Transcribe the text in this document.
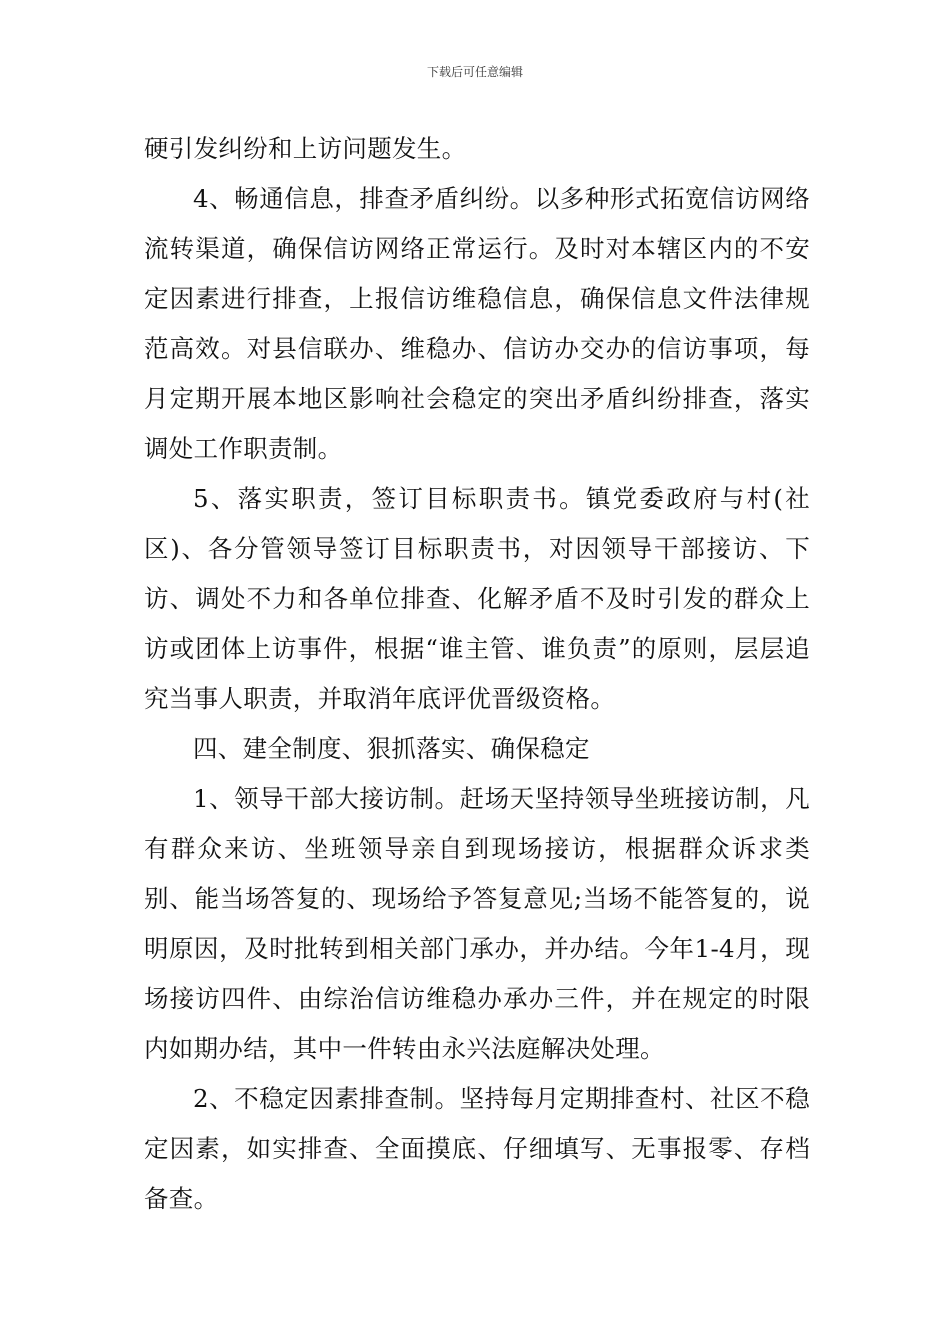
下载后可任意编辑

硬引发纠纷和上访问题发生。

4、畅通信息，排查矛盾纠纷。以多种形式拓宽信访网络流转渠道，确保信访网络正常运行。及时对本辖区内的不安定因素进行排查，上报信访维稳信息，确保信息文件法律规范高效。对县信联办、维稳办、信访办交办的信访事项，每月定期开展本地区影响社会稳定的突出矛盾纠纷排查，落实调处工作职责制。

5、落实职责，签订目标职责书。镇党委政府与村(社区)、各分管领导签订目标职责书，对因领导干部接访、下访、调处不力和各单位排查、化解矛盾不及时引发的群众上访或团体上访事件，根据“谁主管、谁负责”的原则，层层追究当事人职责，并取消年底评优晋级资格。

四、建全制度、狠抓落实、确保稳定

1、领导干部大接访制。赶场天坚持领导坐班接访制，凡有群众来访、坐班领导亲自到现场接访，根据群众诉求类别、能当场答复的、现场给予答复意见;当场不能答复的，说明原因，及时批转到相关部门承办，并办结。今年1-4月，现场接访四件、由综治信访维稳办承办三件，并在规定的时限内如期办结，其中一件转由永兴法庭解决处理。

2、不稳定因素排查制。坚持每月定期排查村、社区不稳定因素，如实排查、全面摸底、仔细填写、无事报零、存档备查。
